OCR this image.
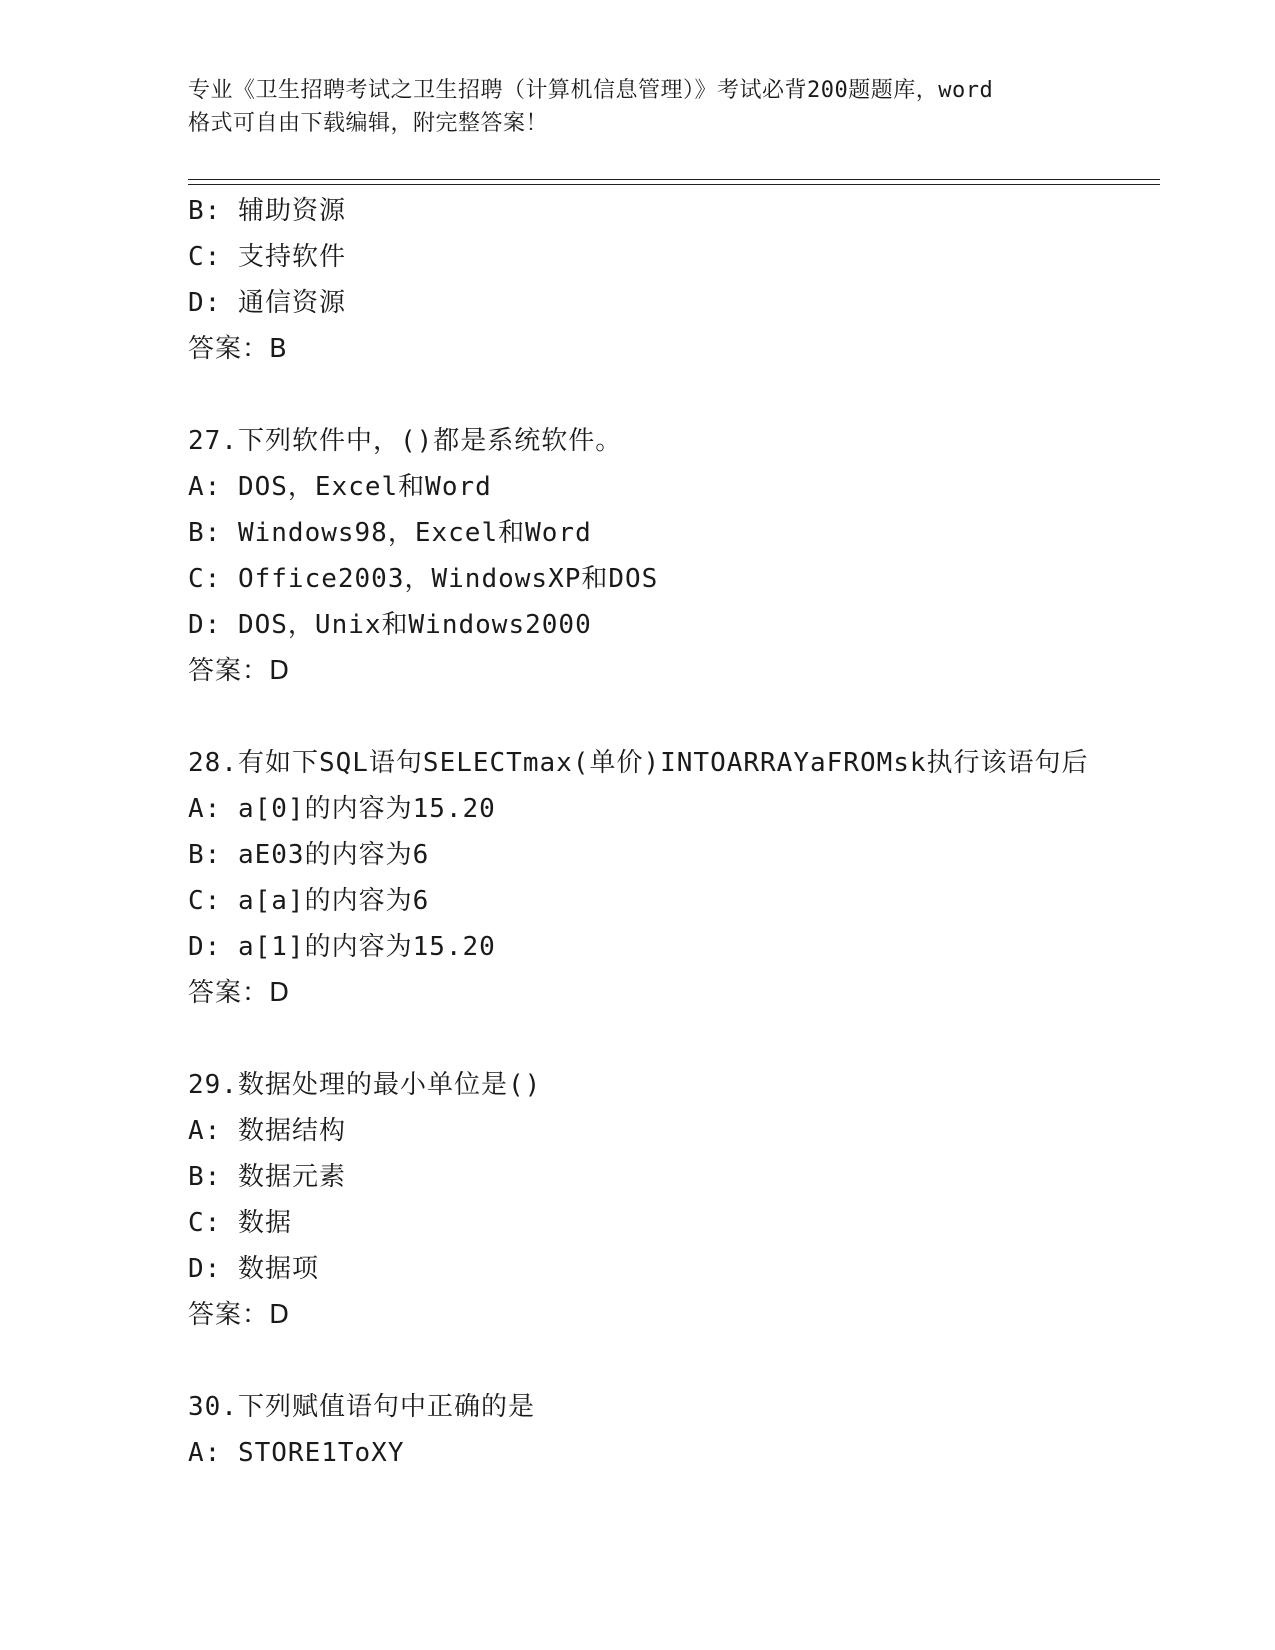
专业《卫生招聘考试之卫生招聘（计算机信息管理）》考试必背200题题库，word
格式可自由下载编辑，附完整答案！
B: 辅助资源
C: 支持软件
D: 通信资源
答案：B
27.下列软件中，()都是系统软件。
A: DOS，Excel和Word
B: Windows98，Excel和Word
C: Office2003，WindowsXP和DOS
D: DOS，Unix和Windows2000
答案：D
28.有如下SQL语句SELECTmax(单价)INTOARRAYaFROMsk执行该语句后
A: a[0]的内容为15.20
B: aE03的内容为6
C: a[a]的内容为6
D: a[1]的内容为15.20
答案：D
29.数据处理的最小单位是()
A: 数据结构
B: 数据元素
C: 数据
D: 数据项
答案：D
30.下列赋值语句中正确的是
A: STORE1ToXY
